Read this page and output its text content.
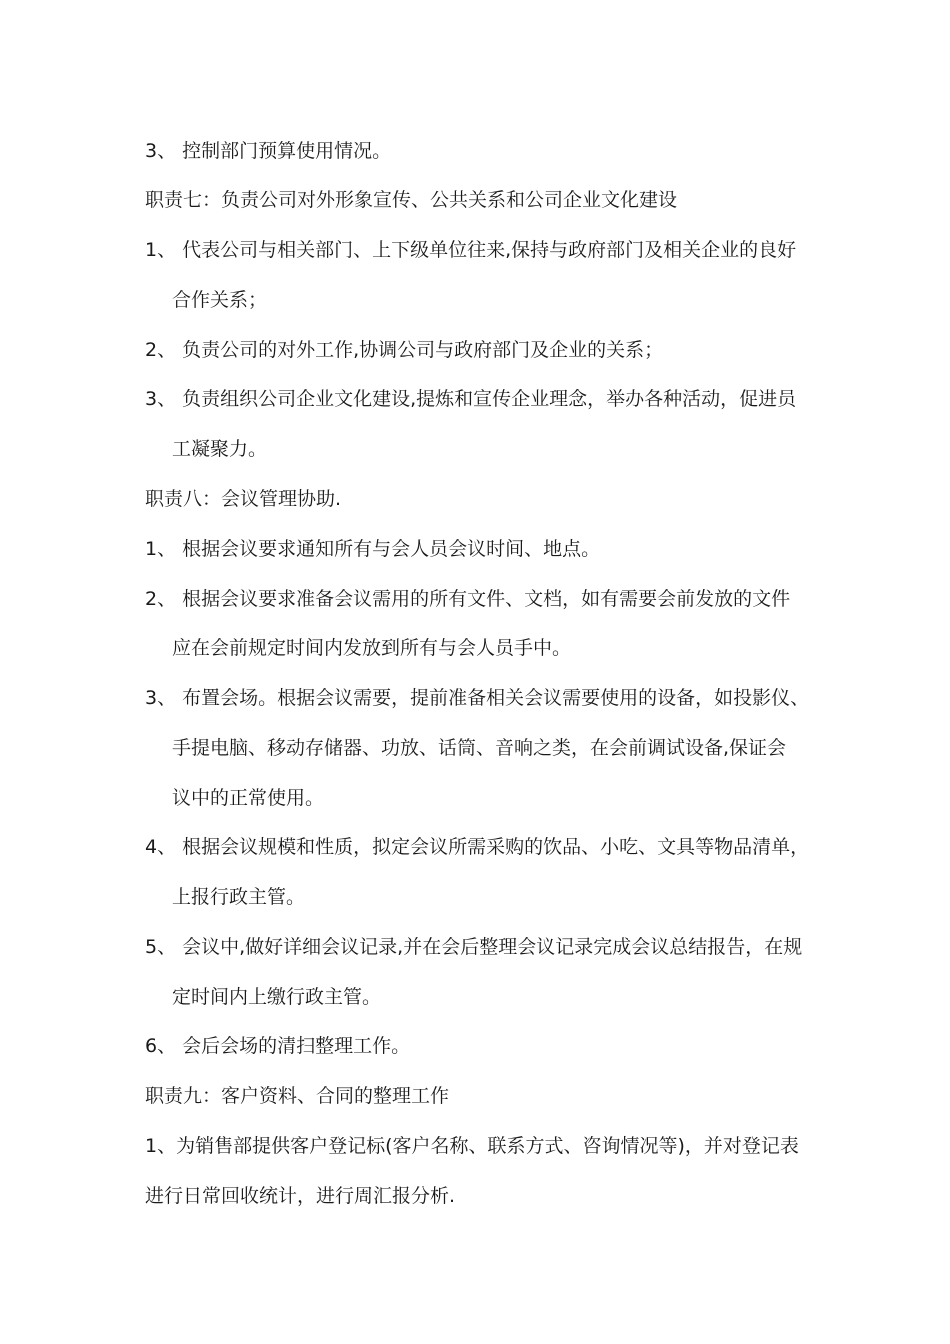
3、 控制部门预算使用情况。
职责七：负责公司对外形象宣传、公共关系和公司企业文化建设
1、 代表公司与相关部门、上下级单位往来,保持与政府部门及相关企业的良好
合作关系；
2、 负责公司的对外工作,协调公司与政府部门及企业的关系；
3、 负责组织公司企业文化建设,提炼和宣传企业理念，举办各种活动，促进员
工凝聚力。
职责八：会议管理协助.
1、 根据会议要求通知所有与会人员会议时间、地点。
2、 根据会议要求准备会议需用的所有文件、文档，如有需要会前发放的文件
应在会前规定时间内发放到所有与会人员手中。
3、 布置会场。根据会议需要，提前准备相关会议需要使用的设备，如投影仪、
手提电脑、移动存储器、功放、话筒、音响之类，在会前调试设备,保证会
议中的正常使用。
4、 根据会议规模和性质，拟定会议所需采购的饮品、小吃、文具等物品清单，
上报行政主管。
5、 会议中,做好详细会议记录,并在会后整理会议记录完成会议总结报告，在规
定时间内上缴行政主管。
6、 会后会场的清扫整理工作。
职责九：客户资料、合同的整理工作
1、为销售部提供客户登记标(客户名称、联系方式、咨询情况等)，并对登记表
进行日常回收统计，进行周汇报分析.
